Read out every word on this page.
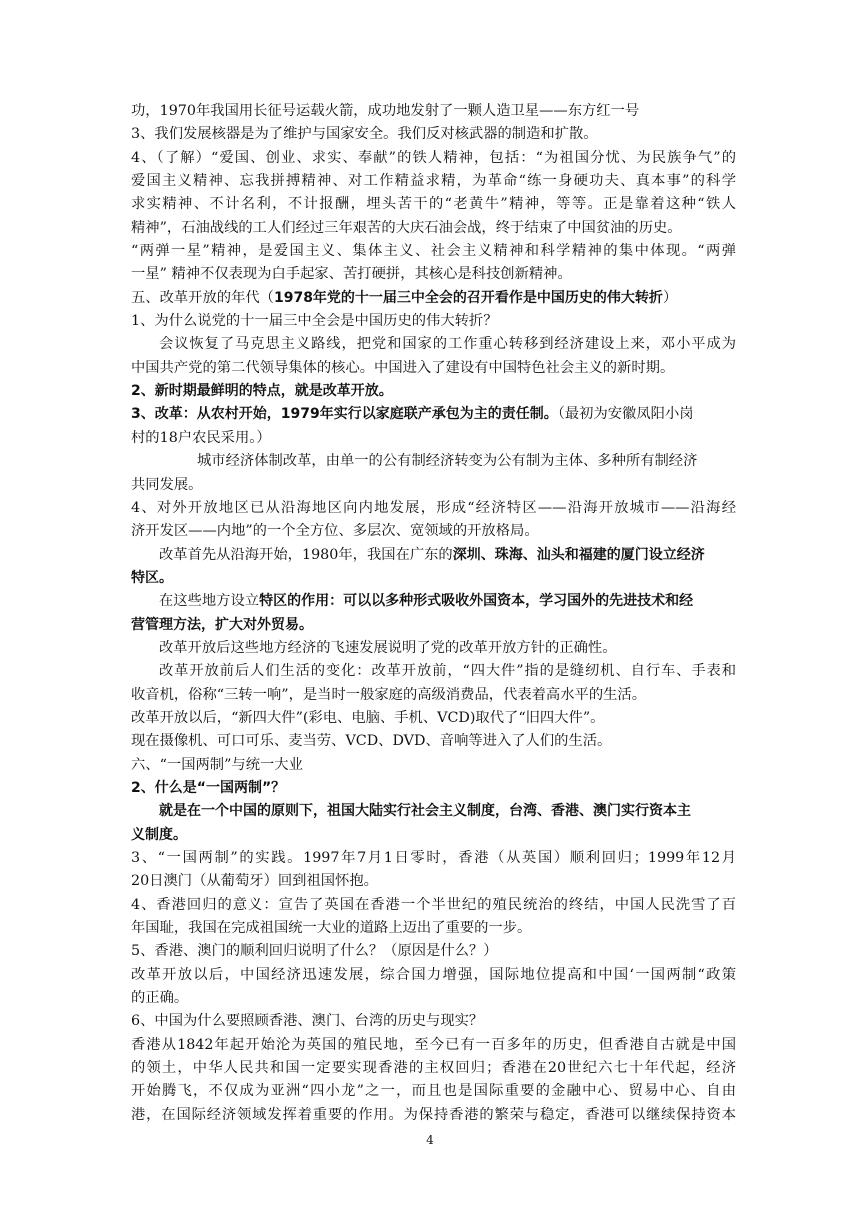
功，1970年我国用长征号运载火箭，成功地发射了一颗人造卫星——东方红一号
3、我们发展核器是为了维护与国家安全。我们反对核武器的制造和扩散。
4、（了解）“爱国、创业、求实、奉献”的铁人精神，包括：“为祖国分忧、为民族争气”的
爱国主义精神、忘我拼搏精神、对工作精益求精，为革命“练一身硬功夫、真本事”的科学
求实精神、不计名利，不计报酬，埋头苦干的“老黄牛”精神，等等。正是靠着这种“铁人
精神”，石油战线的工人们经过三年艰苦的大庆石油会战，终于结束了中国贫油的历史。
“两弹一星”精神，是爱国主义、集体主义、社会主义精神和科学精神的集中体现。“两弹
一星” 精神不仅表现为白手起家、苦打硬拼，其核心是科技创新精神。
五、改革开放的年代（1978年党的十一届三中全会的召开看作是中国历史的伟大转折）
1、为什么说党的十一届三中全会是中国历史的伟大转折？
会议恢复了马克思主义路线，把党和国家的工作重心转移到经济建设上来，邓小平成为
中国共产党的第二代领导集体的核心。中国进入了建设有中国特色社会主义的新时期。
2、新时期最鲜明的特点，就是改革开放。
3、改革：从农村开始，1979年实行以家庭联产承包为主的责任制。（最初为安徽凤阳小岗
村的18户农民采用。）
城市经济体制改革，由单一的公有制经济转变为公有制为主体、多种所有制经济
共同发展。
4、对外开放地区已从沿海地区向内地发展，形成“经济特区——沿海开放城市——沿海经
济开发区——内地”的一个全方位、多层次、宽领域的开放格局。
改革首先从沿海开始，1980年，我国在广东的深圳、珠海、汕头和福建的厦门设立经济
特区。
在这些地方设立特区的作用：可以以多种形式吸收外国资本，学习国外的先进技术和经
营管理方法，扩大对外贸易。
改革开放后这些地方经济的飞速发展说明了党的改革开放方针的正确性。
改革开放前后人们生活的变化：改革开放前，“四大件”指的是缝纫机、自行车、手表和
收音机，俗称“三转一响”，是当时一般家庭的高级消费品，代表着高水平的生活。
改革开放以后，“新四大件”(彩电、电脑、手机、VCD)取代了“旧四大件”。
现在摄像机、可口可乐、麦当劳、VCD、DVD、音响等进入了人们的生活。
六、“一国两制”与统一大业
2、什么是“一国两制”？
就是在一个中国的原则下，祖国大陆实行社会主义制度，台湾、香港、澳门实行资本主
义制度。
3、“一国两制”的实践。1997年7月1日零时，香港（从英国）顺利回归；1999年12月
20日澳门（从葡萄牙）回到祖国怀抱。
4、香港回归的意义：宣告了英国在香港一个半世纪的殖民统治的终结，中国人民洗雪了百
年国耻，我国在完成祖国统一大业的道路上迈出了重要的一步。
5、香港、澳门的顺利回归说明了什么？（原因是什么？）
改革开放以后，中国经济迅速发展，综合国力增强，国际地位提高和中国‘一国两制“政策
的正确。
6、中国为什么要照顾香港、澳门、台湾的历史与现实？
香港从1842年起开始沦为英国的殖民地，至今已有一百多年的历史，但香港自古就是中国
的领土，中华人民共和国一定要实现香港的主权回归；香港在20世纪六七十年代起，经济
开始腾飞，不仅成为亚洲“四小龙”之一，而且也是国际重要的金融中心、贸易中心、自由
港，在国际经济领域发挥着重要的作用。为保持香港的繁荣与稳定，香港可以继续保持资本
4
